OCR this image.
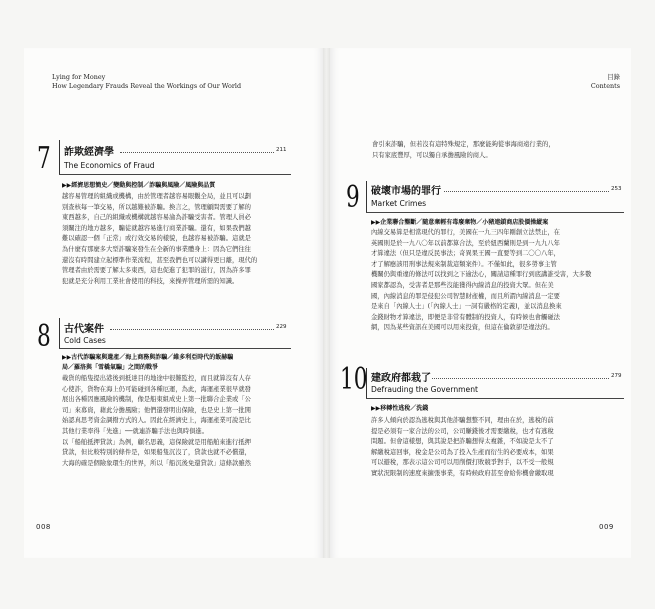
Lying for Money
How Legendary Frauds Reveal the Workings of Our World
7 詐欺經濟學	211
The Economics of Fraud
▶▶經濟思想簡史／變動與控制／詐騙與風險／風險與品質

越容易管理的組織或機構，由於管理者越容易眼觀全局，並且可以劃
別查核每一筆交易，所以越難被詐騙。換言之，管理顧問需要了解的
東西越多，自己的組織或機構就越容易淪為詐騙受害者。管理人員必
須關注的地方越多，騙徒就越容易進行商業詐騙。還有，如果我們越
難以確認一個「正常」或行效交易的樣貌，也越容易被詐騙。這就是
為什麼有那麼多大型詐騙案發生在全新的事業體身上：因為它們往往
還沒有時間建立起標準作業流程，甚至我們也可以講得更日離，現代的
管理者由於需要了解太多東西，這也促進了犯罪的滋行，因為許多罪
犯就是充分利用工業社會使用的科技，來操弄管理所需的知識。

8 古代案件	229
Cold Cases
▶▶古代詐騙案與遺產／海上商務與詐騙／維多利亞時代的飯赫騙
局／羅洛與「雪橇氣騙」之間的戰爭

載貨的船隻提出港後到抵達目的地途中很難監控，而且就算沒有人存
心使詐，貨物在海上仍可能碰到各種厄運，為此，海運產業很早就發
展出各種因應風險的機制，像是船東組成史上第一批聯合企業或「公
司」來募資，藉此分擔風險；他們還發明出保險，也是史上第一批開
始認真思考資金調撥方式的人。因此在經濟史上，海運產業可說是比
其他行業率得「先進」──就連詐騙手法也與時俱進。
以「船舶抵押貸款」為例，顧名思義，這保險就是用船舶來進行抵押
貸款，但比較特別的條件是，如果船隻沉沒了，貸款也就不必償還，
大海的確是個險象環生的世界，所以「船沉後免還貸款」這條款雖然

008
目錄
Contents

會引來詐騙，但若沒有這特殊規定，那麼能夠從事海商遠行業的，
只有家底豐厚，可以獨自承擔風險的商人。

9 破壞市場的罪行	253
Market Crimes
▶▶企業聯合壟斷／隨意棄輕有毒廢棄物／小豬連鎖商店股價操縱案

內線交易算是相當現代的罪行，美國在一九三四年剛創立法禁止，在
英國則是於一九八〇年以前都算合法，至於紐西蘭則是到一九九八年
才算違法（但只是違反民事法；奇異果王國一直要等到二〇〇八年，
才了解應該用刑事法規來制裁這類案件）。不僅如此，很多勞事主管
機關仍與重違的條法可以找到之下逾法心，關請這種罪行到底講誰受害，大多數
國家都認為，受害者是那些沒能獲得內線消息的投資大眾。但在美
國，內線消息的罪是侵犯公司智慧財產權，而且所謂內線消息一定要
是來自「內線人士」(「內線人士」一詞有嚴格的定義)，並以消息換來
金錢財物才算違法，即便是非常有體制的投資人，有時候也會觸碰法
網，因為某些資訊在美國可以用來投資，但這在倫敦卻是違法的。

10 建政府都栽了	279
Defrauding the Government
▶▶移轉性逃稅／洗錢

許多人傾向於認為逃稅與其他詐騙想整不同，理由在於，逃稅的前
提是必須有一家合法的公司，公司賺錢後才需要繳稅，也才有逃稅
問題。但會這樣想，與其說是把詐騙想得太複雜，不如說是太不了
解繳稅這回事，稅金是公司為了投入生產而衍生的必要成本，如果
可以避稅，那表示這公司可以用削價打敗競爭對手，以不受一般規
實狀況限制的速度來擴張事業，有時候政府甚至會給你機會繳取現

009
